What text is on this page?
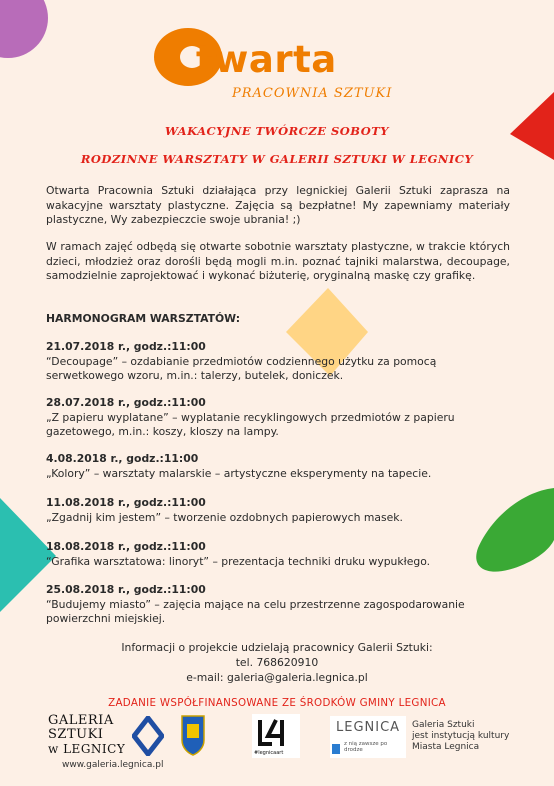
twarta
PRACOWNIA SZTUKI
WAKACYJNE TWÓRCZE SOBOTY
RODZINNE WARSZTATY W GALERII SZTUKI W LEGNICY
Otwarta Pracownia Sztuki działająca przy legnickiej Galerii Sztuki zaprasza na wakacyjne warsztaty plastyczne. Zajęcia są bezpłatne! My zapewniamy materiały plastyczne, Wy zabezpieczcie swoje ubrania! ;)
W ramach zajęć odbędą się otwarte sobotnie warsztaty plastyczne, w trakcie których dzieci, młodzież oraz dorośli będą mogli m.in. poznać tajniki malarstwa, decoupage, samodzielnie zaprojektować i wykonać biżuterię, oryginalną maskę czy grafikę.
HARMONOGRAM WARSZTATÓW:
21.07.2018 r., godz.:11:00
“Decoupage” – ozdabianie przedmiotów codziennego użytku za pomocą serwetkowego wzoru, m.in.: talerzy, butelek, doniczek.
28.07.2018 r., godz.:11:00
„Z papieru wyplatane” – wyplatanie recyklingowych przedmiotów z papieru gazetowego, m.in.: koszy, kloszy na lampy.
4.08.2018 r., godz.:11:00
„Kolory” – warsztaty malarskie – artystyczne eksperymenty na tapecie.
11.08.2018 r., godz.:11:00
„Zgadnij kim jestem” – tworzenie ozdobnych papierowych masek.
18.08.2018 r., godz.:11:00
“Grafika warsztatowa: linoryt” – prezentacja techniki druku wypukłego.
25.08.2018 r., godz.:11:00
“Budujemy miasto” – zajęcia mające na celu przestrzenne zagospodarowanie powierzchni miejskiej.
Informacji o projekcie udzielają pracownicy Galerii Sztuki:
tel. 768620910
e-mail: galeria@galeria.legnica.pl
ZADANIE WSPÓŁFINANSOWANE ZE ŚRODKÓW GMINY LEGNICA
GALERIA
SZTUKI
w LEGNICY
www.galeria.legnica.pl
#legnicaart
LEGNICA
z nią zawsze po drodze
Galeria Sztuki
jest instytucją kultury
Miasta Legnica
